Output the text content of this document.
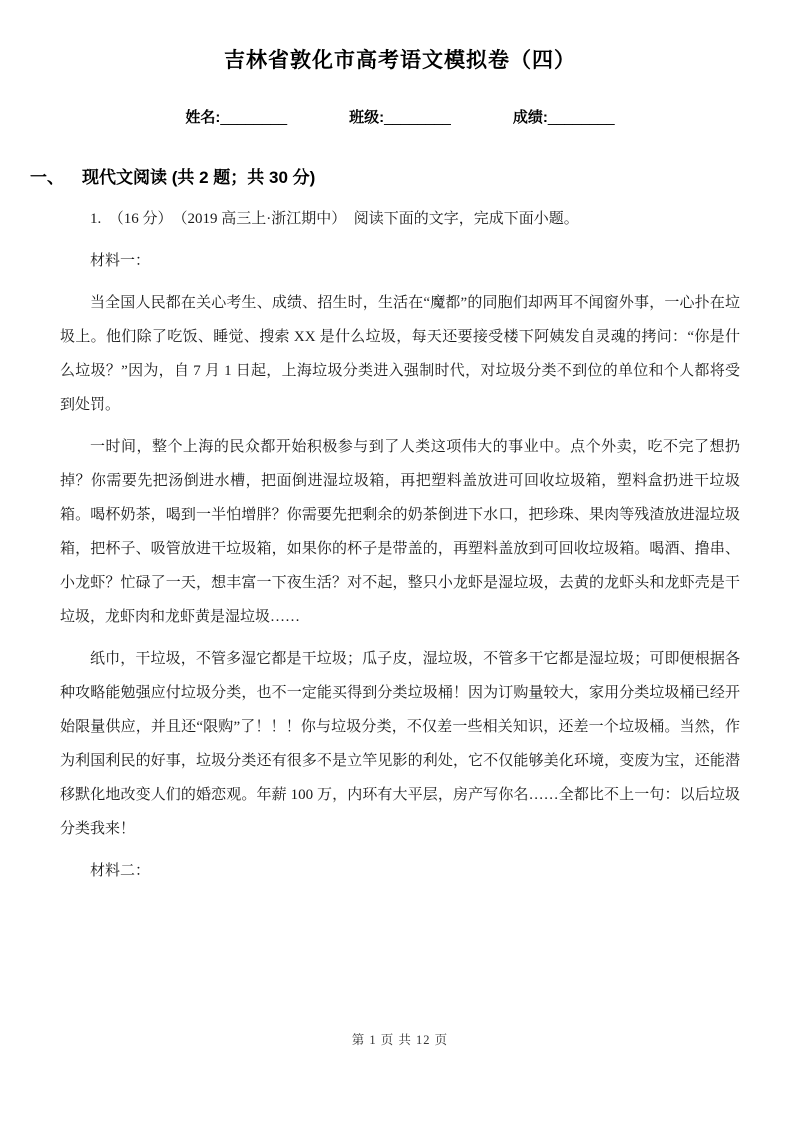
吉林省敦化市高考语文模拟卷（四）
姓名:________	班级:________	成绩:________
一、 现代文阅读 (共 2 题；共 30 分)

1.　（16 分）　（2019 高三上·浙江期中）　阅读下面的文字，完成下面小题。

材料一：

当全国人民都在关心考生、成绩、招生时，生活在“魔都”的同胞们却两耳不闻窗外事，一心扑在垃圾上。他们除了吃饭、睡觉、搜索 XX 是什么垃圾，每天还要接受楼下阿姨发自灵魂的拷问：“你是什么垃圾？”因为，自 7 月 1 日起，上海垃圾分类进入强制时代，对垃圾分类不到位的单位和个人都将受到处罚。

一时间，整个上海的民众都开始积极参与到了人类这项伟大的事业中。点个外卖，吃不完了想扔掉？你需要先把汤倒进水槽，把面倒进湿垃圾箱，再把塑料盖放进可回收垃圾箱，塑料盒扔进干垃圾箱。喝杯奶茶，喝到一半怕增胖？你需要先把剩余的奶茶倒进下水口，把珍珠、果肉等残渣放进湿垃圾箱，把杯子、吸管放进干垃圾箱，如果你的杯子是带盖的，再塑料盖放到可回收垃圾箱。喝酒、撸串、小龙虾？忙碌了一天，想丰富一下夜生活？对不起，整只小龙虾是湿垃圾，去黄的龙虾头和龙虾壳是干垃圾，龙虾肉和龙虾黄是湿垃圾……

纸巾，干垃圾，不管多湿它都是干垃圾；瓜子皮，湿垃圾，不管多干它都是湿垃圾；可即便根据各种攻略能勉强应付垃圾分类，也不一定能买得到分类垃圾桶！因为订购量较大，家用分类垃圾桶已经开始限量供应，并且还“限购”了！！！你与垃圾分类，不仅差一些相关知识，还差一个垃圾桶。当然，作为利国利民的好事，垃圾分类还有很多不是立竿见影的利处，它不仅能够美化环境，变废为宝，还能潜移默化地改变人们的婚恋观。年薪 100 万，内环有大平层，房产写你名……全都比不上一句：以后垃圾分类我来！

材料二：

第 1 页 共 12 页
